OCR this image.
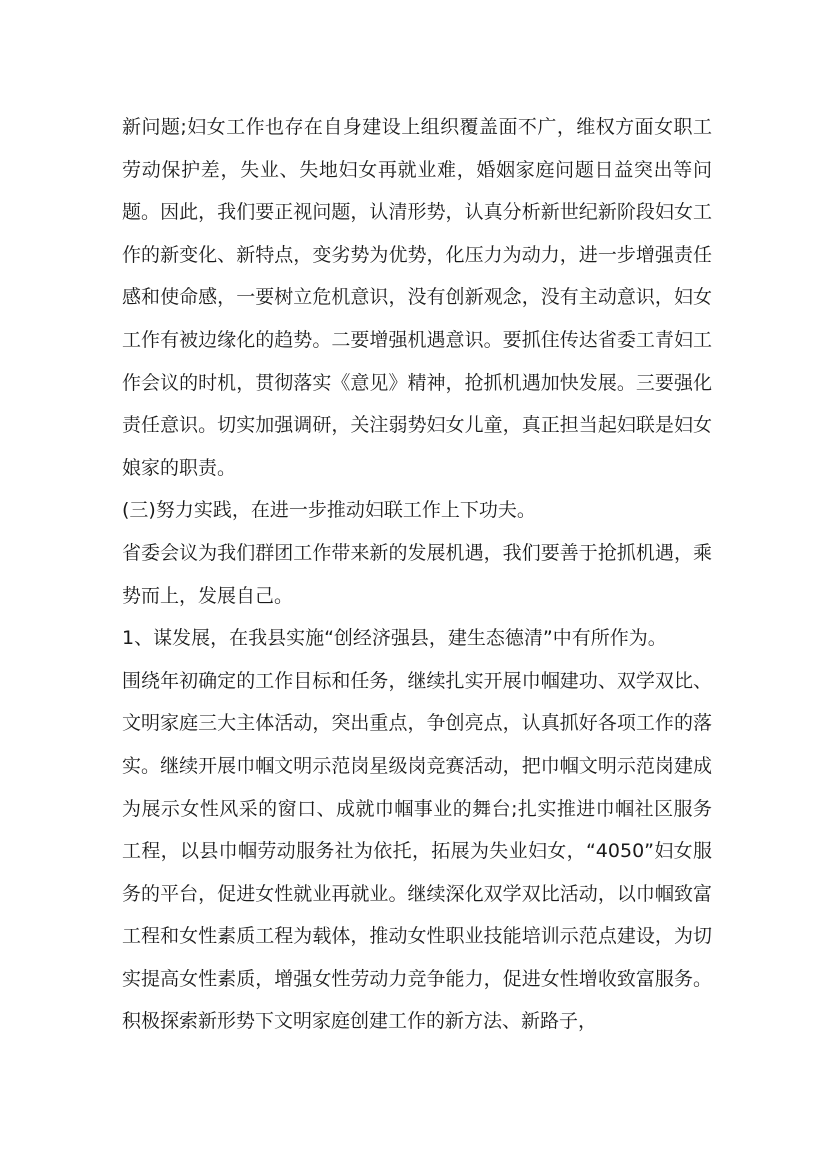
新问题;妇女工作也存在自身建设上组织覆盖面不广，维权方面女职工劳动保护差，失业、失地妇女再就业难，婚姻家庭问题日益突出等问题。因此，我们要正视问题，认清形势，认真分析新世纪新阶段妇女工作的新变化、新特点，变劣势为优势，化压力为动力，进一步增强责任感和使命感，一要树立危机意识，没有创新观念，没有主动意识，妇女工作有被边缘化的趋势。二要增强机遇意识。要抓住传达省委工青妇工作会议的时机，贯彻落实《意见》精神，抢抓机遇加快发展。三要强化责任意识。切实加强调研，关注弱势妇女儿童，真正担当起妇联是妇女娘家的职责。

(三)努力实践，在进一步推动妇联工作上下功夫。

省委会议为我们群团工作带来新的发展机遇，我们要善于抢抓机遇，乘势而上，发展自己。

1、谋发展，在我县实施“创经济强县，建生态德清”中有所作为。

围绕年初确定的工作目标和任务，继续扎实开展巾帼建功、双学双比、文明家庭三大主体活动，突出重点，争创亮点，认真抓好各项工作的落实。继续开展巾帼文明示范岗星级岗竞赛活动，把巾帼文明示范岗建成为展示女性风采的窗口、成就巾帼事业的舞台;扎实推进巾帼社区服务工程，以县巾帼劳动服务社为依托，拓展为失业妇女，“4050”妇女服务的平台，促进女性就业再就业。继续深化双学双比活动，以巾帼致富工程和女性素质工程为载体，推动女性职业技能培训示范点建设，为切实提高女性素质，增强女性劳动力竞争能力，促进女性增收致富服务。积极探索新形势下文明家庭创建工作的新方法、新路子，
